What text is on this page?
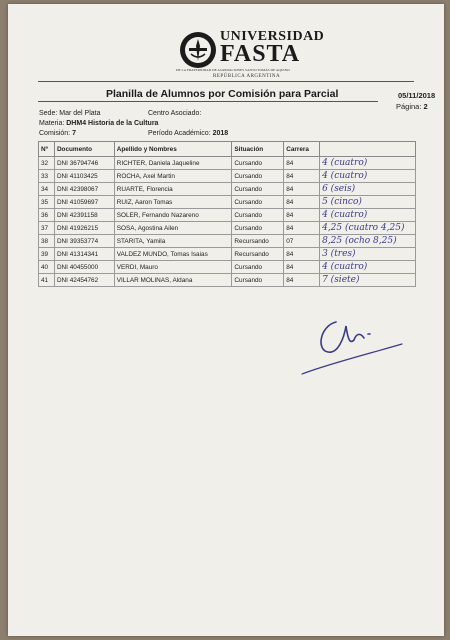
UNIVERSIDAD
FASTA
DE LA FRATERNIDAD DE AGRUPACIONES SANTO TOMÁS DE AQUINO
REPÚBLICA ARGENTINA
Planilla de Alumnos por Comisión para Parcial	05/11/2018
Página: 2
Sede: Mar del Plata	Centro Asociado:
Materia: DHM4 Historia de la Cultura
Comisión: 7	Período Académico: 2018
Nº	Documento	Apellido y Nombres	Situación	Carrera	
32	DNI 36794746	RICHTER, Daniela Jaqueline	Cursando	84	4 (cuatro)
33	DNI 41103425	ROCHA, Axel Martin	Cursando	84	4 (cuatro)
34	DNI 42398067	RUARTE, Florencia	Cursando	84	6 (seis)
35	DNI 41059697	RUIZ, Aaron Tomas	Cursando	84	5 (cinco)
36	DNI 42391158	SOLER, Fernando Nazareno	Cursando	84	4 (cuatro)
37	DNI 41926215	SOSA, Agostina Ailen	Cursando	84	4,25 (cuatro 4,25)
38	DNI 39353774	STARITA, Yamila	Recursando	07	8,25 (ocho 8,25)
39	DNI 41314341	VALDEZ MUNDO, Tomas Isaias	Recursando	84	3 (tres)
40	DNI 40455000	VERDI, Mauro	Cursando	84	4 (cuatro)
41	DNI 42454762	VILLAR MOLINAS, Aldana	Cursando	84	7 (siete)
